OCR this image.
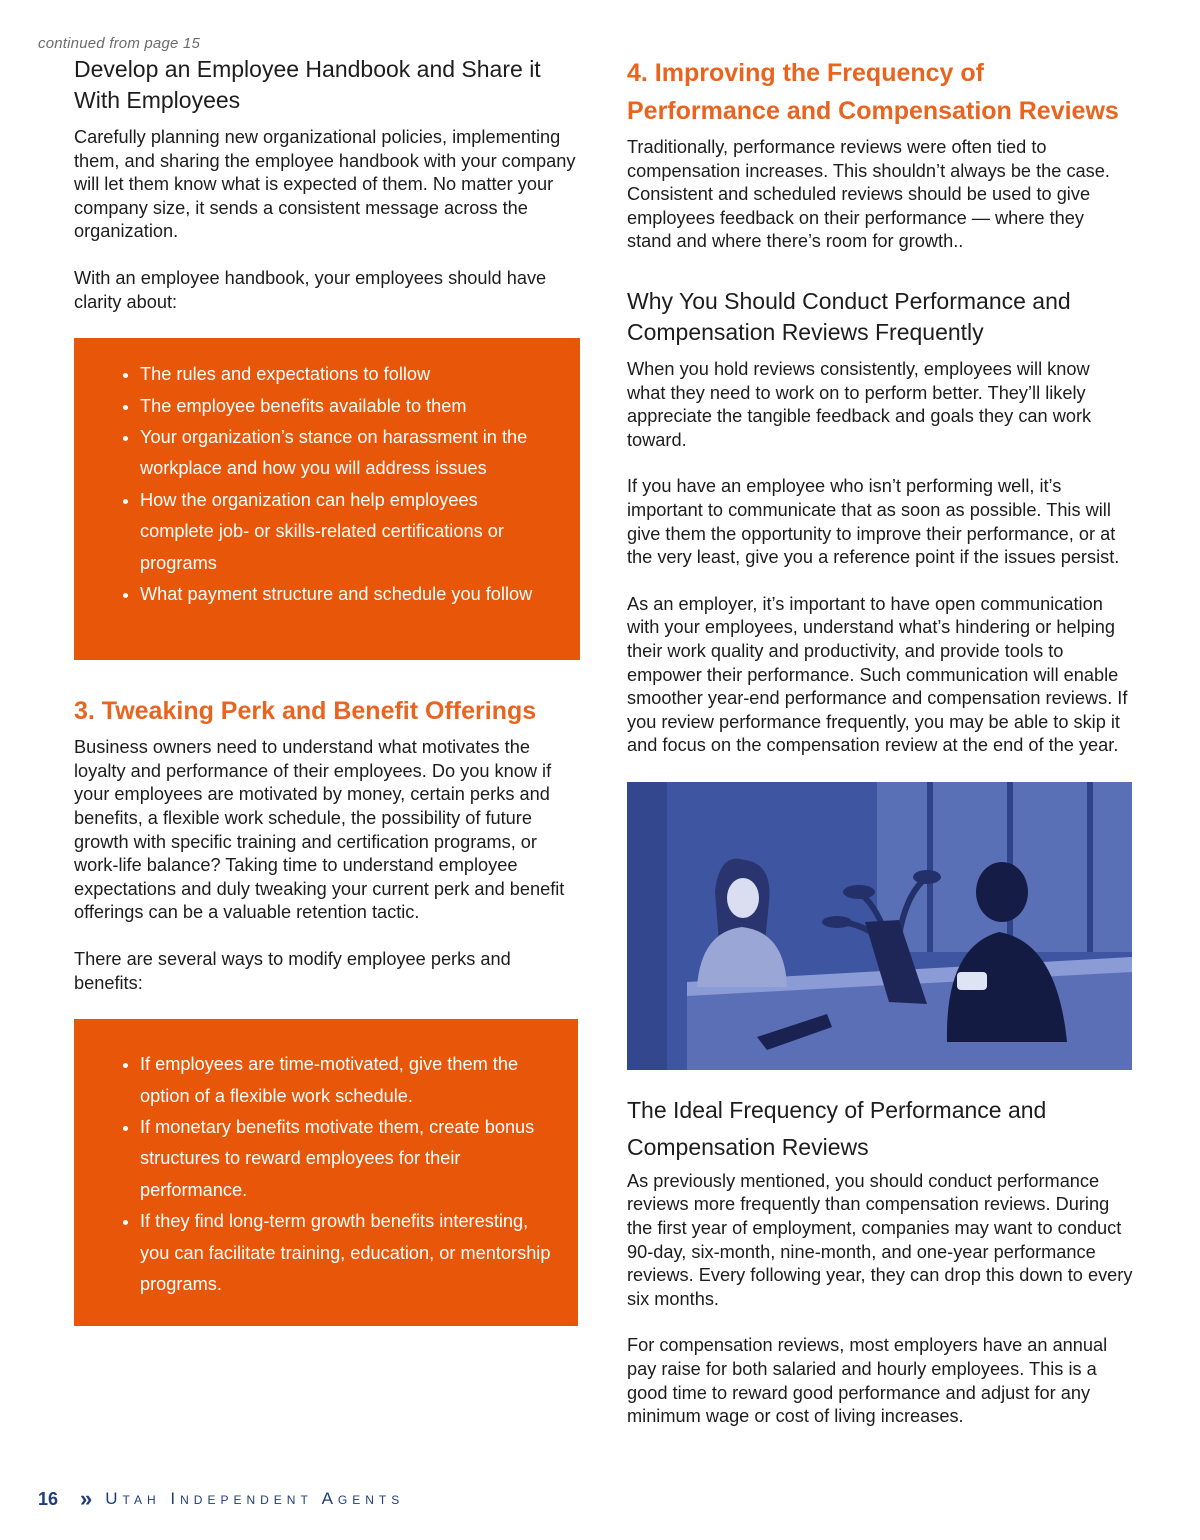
continued from page 15
Develop an Employee Handbook and Share it With Employees

Carefully planning new organizational policies, implementing them, and sharing the employee handbook with your company will let them know what is expected of them. No matter your company size, it sends a consistent message across the organization.

With an employee handbook, your employees should have clarity about:

• The rules and expectations to follow
• The employee benefits available to them
• Your organization’s stance on harassment in the workplace and how you will address issues
• How the organization can help employees complete job- or skills-related certifications or programs
• What payment structure and schedule you follow
3. Tweaking Perk and Benefit Offerings

Business owners need to understand what motivates the loyalty and performance of their employees. Do you know if your employees are motivated by money, certain perks and benefits, a flexible work schedule, the possibility of future growth with specific training and certification programs, or work-life balance? Taking time to understand employee expectations and duly tweaking your current perk and benefit offerings can be a valuable retention tactic.

There are several ways to modify employee perks and benefits:

• If employees are time-motivated, give them the option of a flexible work schedule.
• If monetary benefits motivate them, create bonus structures to reward employees for their performance.
• If they find long-term growth benefits interesting, you can facilitate training, education, or mentorship programs.
4. Improving the Frequency of Performance and Compensation Reviews

Traditionally, performance reviews were often tied to compensation increases. This shouldn’t always be the case. Consistent and scheduled reviews should be used to give employees feedback on their performance — where they stand and where there’s room for growth..

Why You Should Conduct Performance and Compensation Reviews Frequently

When you hold reviews consistently, employees will know what they need to work on to perform better. They’ll likely appreciate the tangible feedback and goals they can work toward.

If you have an employee who isn’t performing well, it’s important to communicate that as soon as possible. This will give them the opportunity to improve their performance, or at the very least, give you a reference point if the issues persist.

As an employer, it’s important to have open communication with your employees, understand what’s hindering or helping their work quality and productivity, and provide tools to empower their performance. Such communication will enable smoother year-end performance and compensation reviews. If you review performance frequently, you may be able to skip it and focus on the compensation review at the end of the year.

The Ideal Frequency of Performance and Compensation Reviews

As previously mentioned, you should conduct performance reviews more frequently than compensation reviews. During the first year of employment, companies may want to conduct 90-day, six-month, nine-month, and one-year performance reviews. Every following year, they can drop this down to every six months.

For compensation reviews, most employers have an annual pay raise for both salaried and hourly employees. This is a good time to reward good performance and adjust for any minimum wage or cost of living increases.

16 » Utah Independent Agents
